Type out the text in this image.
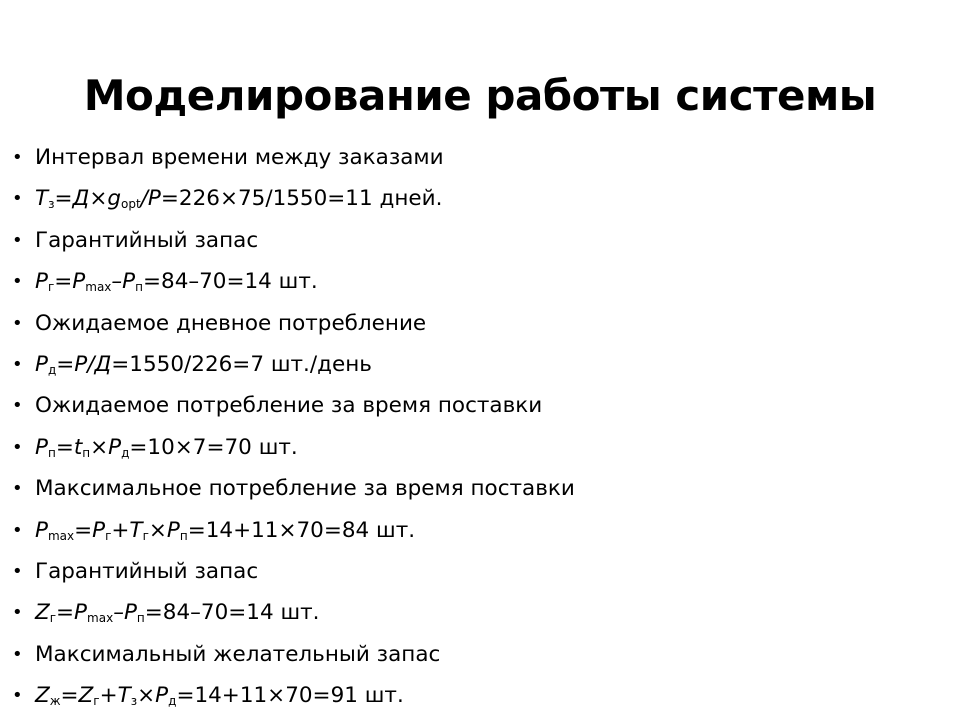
Моделирование работы системы
• Интервал времени между заказами
• $T_з=Д\times g_{opt}/P=226\times 75/1550=11$ дней.
• Гарантийный запас
• $P_г=P_{max}-P_п=84-70=14$ шт.
• Ожидаемое дневное потребление
• $P_д=P/Д=1550/226=7$ шт./день
• Ожидаемое потребление за время поставки
• $P_п=t_п\times P_д=10\times 7=70$ шт.
• Максимальное потребление за время поставки
• $P_{max}=P_г+T_г\times P_п=14+11\times 70=84$ шт.
• Гарантийный запас
• $Z_г=P_{max}-P_п=84-70=14$ шт.
• Максимальный желательный запас
• $Z_ж=Z_г+T_з\times P_д=14+11\times 70=91$ шт.
